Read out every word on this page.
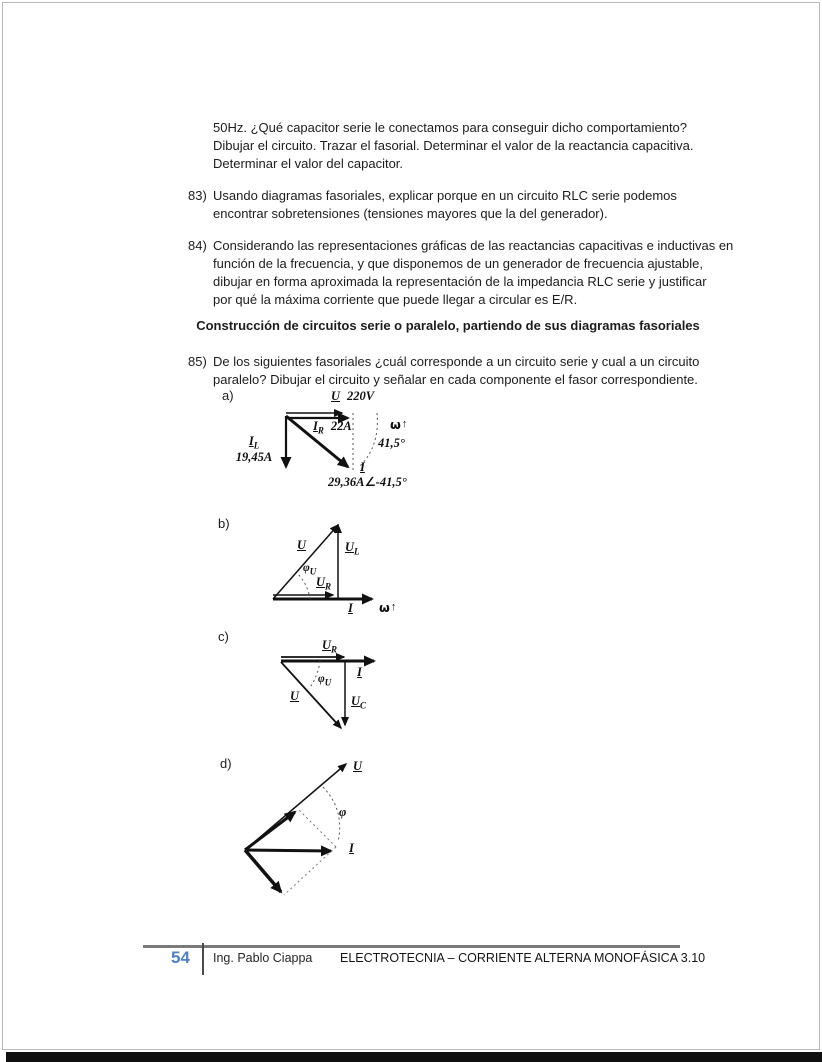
50Hz. ¿Qué capacitor serie le conectamos para conseguir dicho comportamiento?
Dibujar el circuito. Trazar el fasorial. Determinar el valor de la reactancia capacitiva.
Determinar el valor del capacitor.
83) Usando diagramas fasoriales, explicar porque en un circuito RLC serie podemos
encontrar sobretensiones (tensiones mayores que la del generador).
84) Considerando las representaciones gráficas de las reactancias capacitivas e inductivas en
función de la frecuencia, y que disponemos de un generador de frecuencia ajustable,
dibujar en forma aproximada la representación de la impedancia RLC serie y justificar
por qué la máxima corriente que puede llegar a circular es E/R.
Construcción de circuitos serie o paralelo, partiendo de sus diagramas fasoriales
85) De los siguientes fasoriales ¿cuál corresponde a un circuito serie y cual a un circuito
paralelo? Dibujar el circuito y señalar en cada componente el fasor correspondiente.
a)	U 220V
$I_R$ 22A
$I_L$
19,45A
41,5°
ω↑
I
29,36A∠-41,5°
b)
U	$U_L$
$U_R$
$\varphi_U$
I ω↑
c)
$U_R$
I
U	$U_C$
$\varphi_U$
d)	U
I
φ
54 Ing. Pablo Ciappa ELECTROTECNIA – CORRIENTE ALTERNA MONOFÁSICA 3.10
